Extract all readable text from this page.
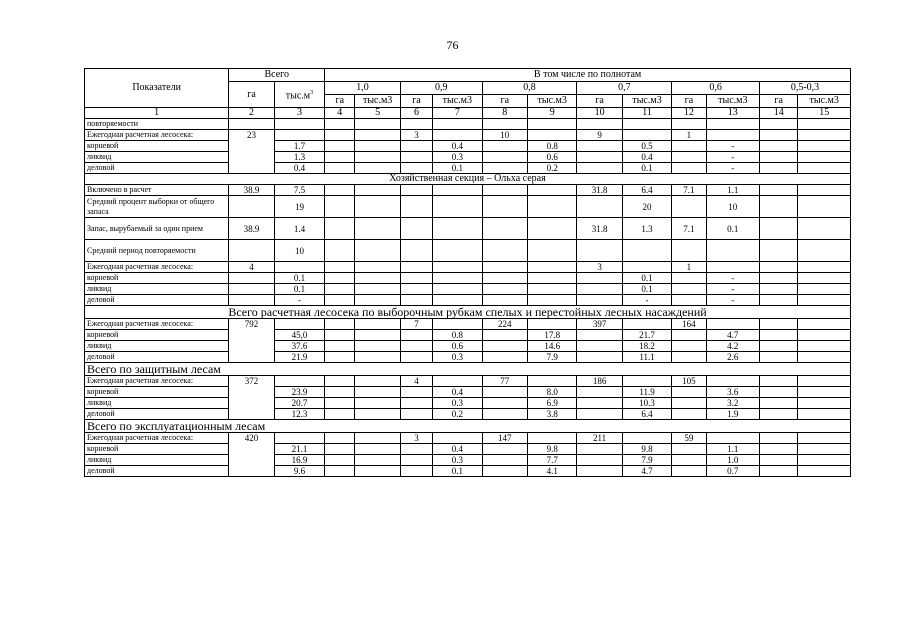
76
Показатели	Всего		В том числе по полнотам											
	га	$тыс.м^3$	1,0		0,9		0,8		0,7		0,6		0,5-0,3	
			га	тыс.м3	га	тыс.м3	га	тыс.м3	га	тыс.м3	га	тыс.м3	га	тыс.м3
1	2	3	4	5	6	7	8	9	10	11	12	13	14	15
повторяемости														
Ежегодная расчетная лесосека:	23				3		10		9		1			
корневой		1.7				0.4		0.8		0.5		-		
ликвид		1.3				0.3		0.6		0.4		-		
деловой		0.4				0.1		0.2		0.1		-		
Хозяйственная секция – Ольха серая														
Включено в расчет	38.9	7.5							31.8	6.4	7.1	1.1		
Средний процент выборки от общего запаса		19								20		10		
Запас, вырубаемый за один прием	38.9	1.4							31.8	1.3	7.1	0.1		
Средний период повторяемости		10												
Ежегодная расчетная лесосека:	4								3		1			
корневой		0.1								0.1		-		
ликвид		0.1								0.1		-		
деловой		-								-		-		
Всего расчетная лесосека по выборочным рубкам спелых и перестойных лесных насаждений														
Ежегодная расчетная лесосека:	792				7		224		397		164			
корневой		45,0				0.8		17.8		21.7		4.7		
ликвид		37.6				0.6		14.6		18.2		4.2		
деловой		21.9				0.3		7.9		11.1		2.6		
Всего по защитным лесам														
Ежегодная расчетная лесосека:	372				4		77		186		105			
корневой		23.9				0.4		8.0		11.9		3.6		
ликвид		20.7				0.3		6.9		10.3		3.2		
деловой		12.3				0.2		3.8		6.4		1.9		
Всего по эксплуатационным лесам														
Ежегодная расчетная лесосека:	420				3		147		211		59			
корневой		21.1				0.4		9.8		9.8		1.1		
ликвид		16.9				0.3		7.7		7.9		1.0		
деловой		9.6				0.1		4.1		4.7		0.7		
